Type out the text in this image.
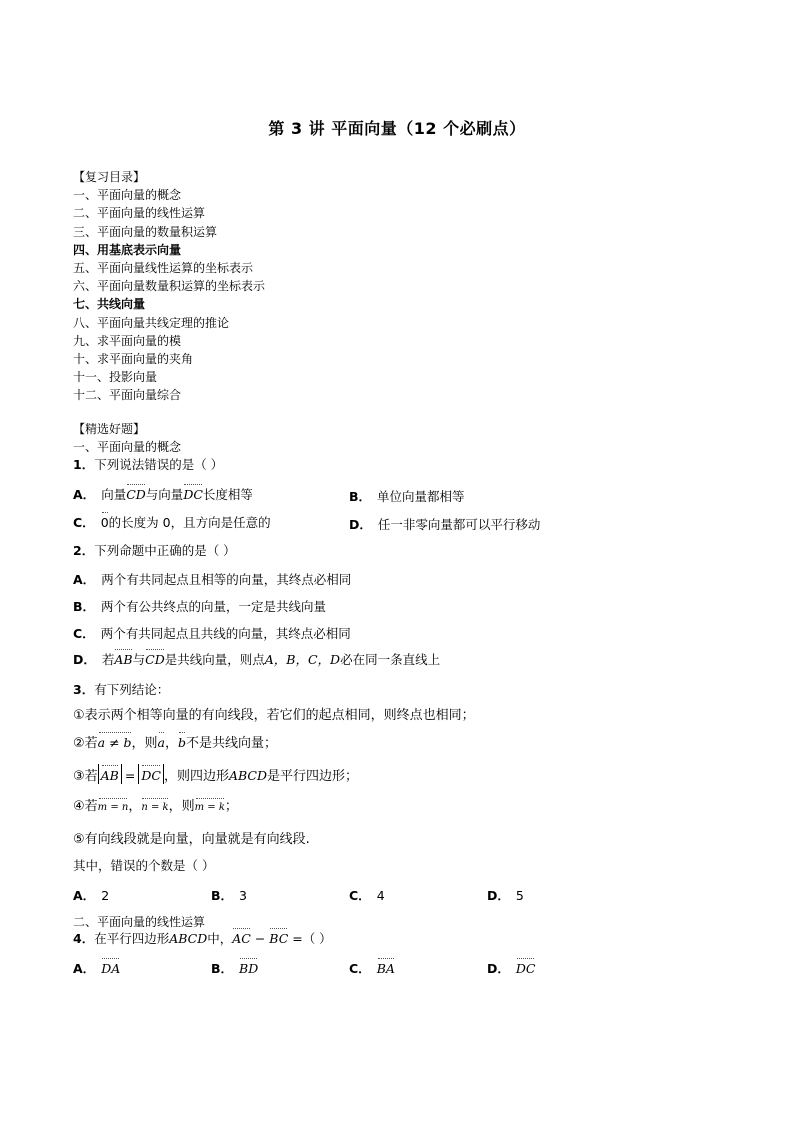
第 3 讲 平面向量（12 个必刷点）
【复习目录】
一、平面向量的概念
二、平面向量的线性运算
三、平面向量的数量积运算
四、用基底表示向量
五、平面向量线性运算的坐标表示
六、平面向量数量积运算的坐标表示
七、共线向量
八、平面向量共线定理的推论
九、求平面向量的模
十、求平面向量的夹角
十一、投影向量
十二、平面向量综合
【精选好题】
一、平面向量的概念
1．下列说法错误的是（ ）
A． 向量CD与向量DC长度相等	B． 单位向量都相等
C． 0的长度为 0，且方向是任意的	D． 任一非零向量都可以平行移动
2．下列命题中正确的是（ ）
A． 两个有共同起点且相等的向量，其终点必相同
B． 两个有公共终点的向量，一定是共线向量
C． 两个有共同起点且共线的向量，其终点必相同
D． 若AB与CD是共线向量，则点A，B，C，D必在同一条直线上
3．有下列结论：
①表示两个相等向量的有向线段，若它们的起点相同，则终点也相同；
②若a ≠ b，则a，b不是共线向量；
③若 AB = DC ，则四边形ABCD是平行四边形；
④若m = n，n = k，则m = k；
⑤有向线段就是向量，向量就是有向线段.
其中，错误的个数是（ ）
A． 2	B． 3	C． 4	D． 5
二、平面向量的线性运算
4．在平行四边形ABCD中，AC − BC =（ ）
A． DA	B． BD	C． BA	D． DC
